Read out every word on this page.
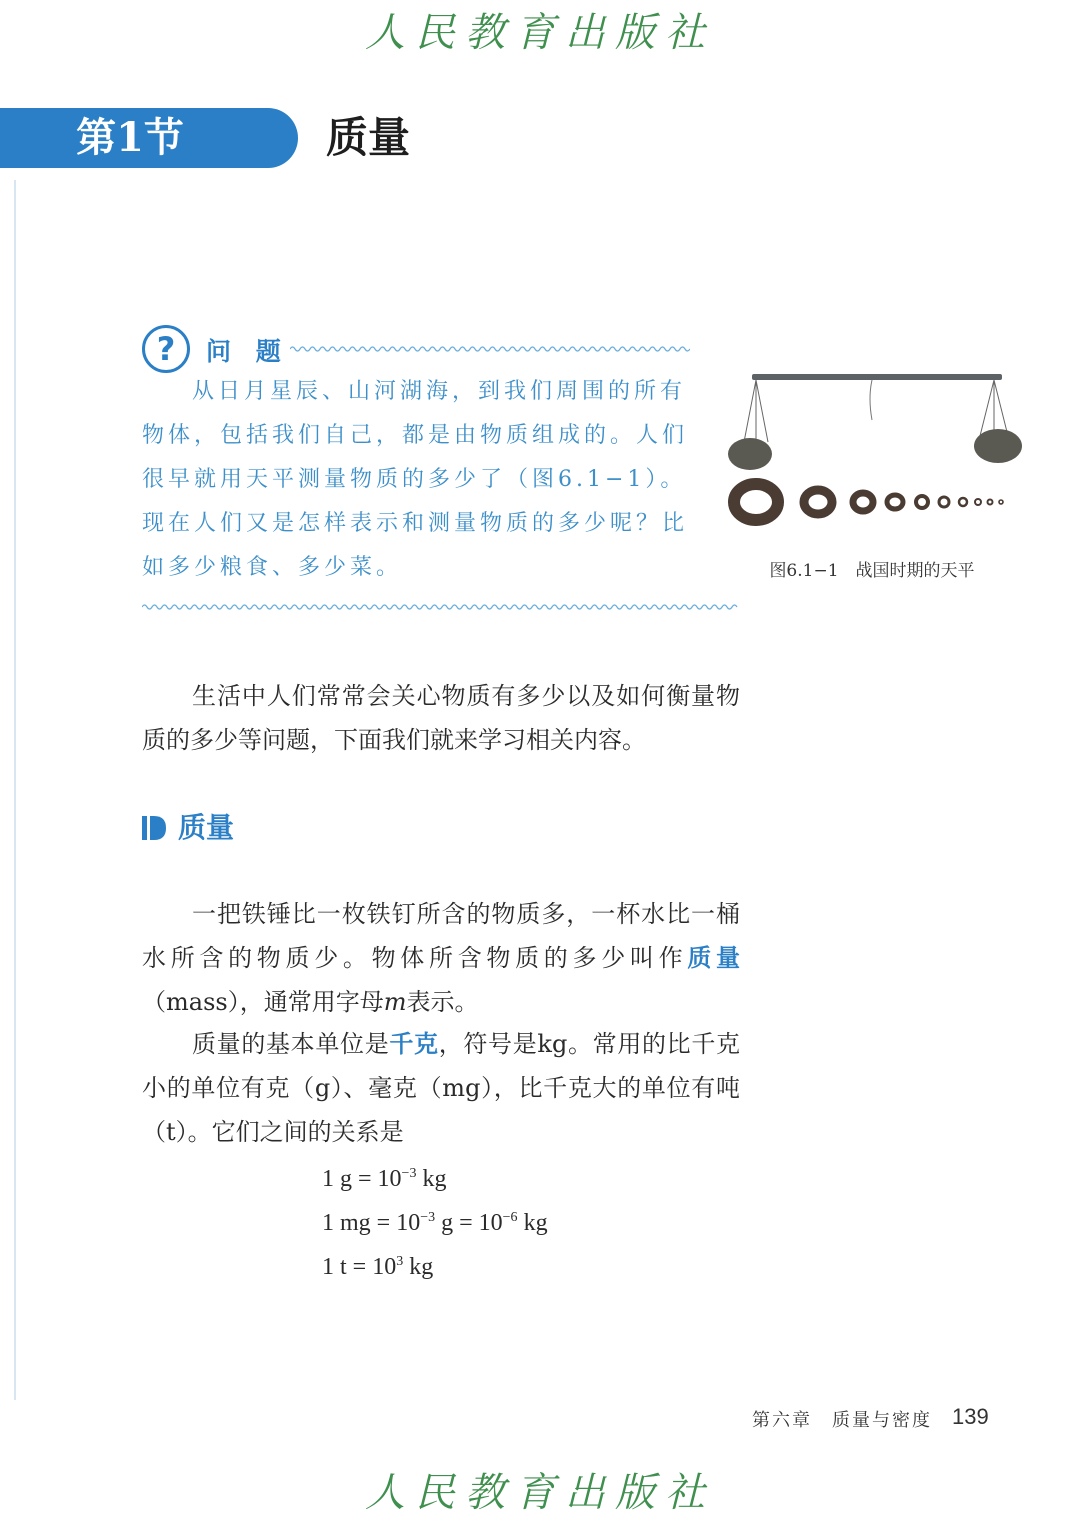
人民教育出版社
第1节	质量
?	问 题
从日月星辰、山河湖海，到我们周围的所有物体，包括我们自己，都是由物质组成的。人们很早就用天平测量物质的多少了（图6.1−1）。现在人们又是怎样表示和测量物质的多少呢？比如多少粮食、多少菜。	图6.1−1　战国时期的天平
生活中人们常常会关心物质有多少以及如何衡量物质的多少等问题，下面我们就来学习相关内容。
质量
一把铁锤比一枚铁钉所含的物质多，一杯水比一桶水所含的物质少。物体所含物质的多少叫作质量（mass），通常用字母m表示。
质量的基本单位是千克，符号是kg。常用的比千克小的单位有克（g）、毫克（mg），比千克大的单位有吨（t）。它们之间的关系是
1 $g = 10^{-3}$ kg
1 mg = $10^{-3}$ $g = 10^{-6}$ kg
1 $t = 10^3$ kg
第六章　质量与密度 139
人民教育出版社
